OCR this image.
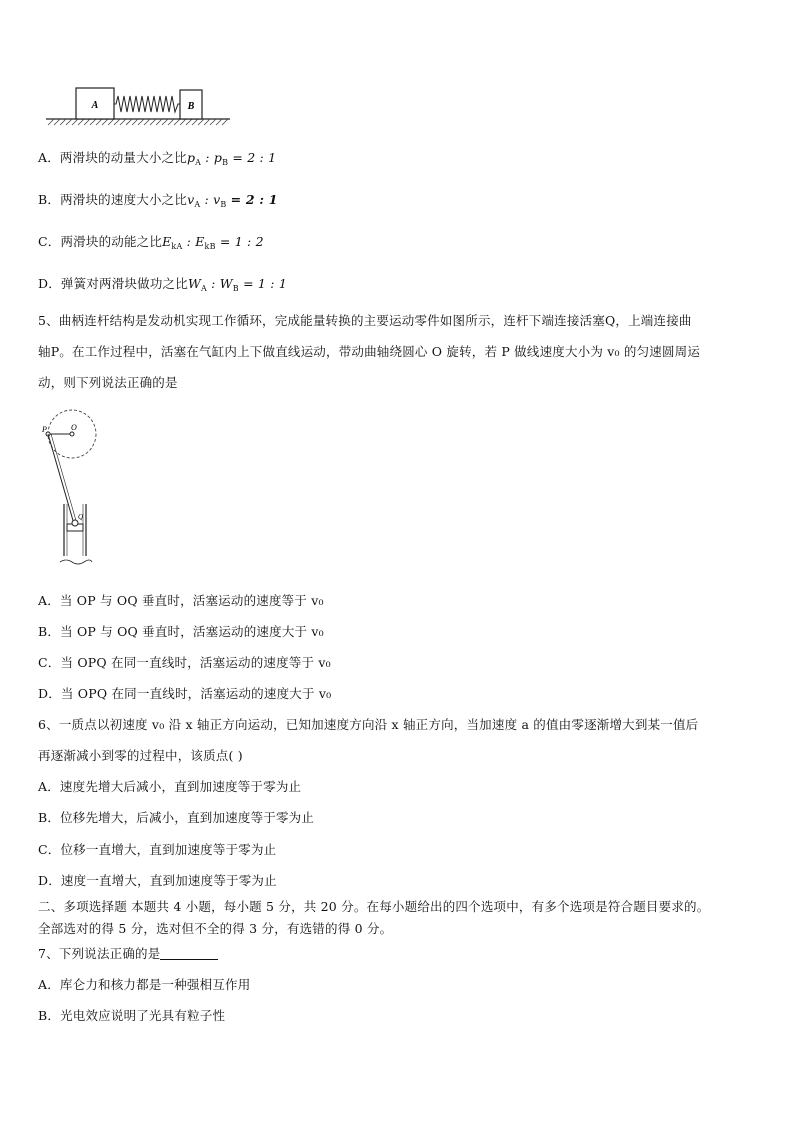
A	B
A．两滑块的动量大小之比$p_A$ : $p_B = 2$ : 1
B．两滑块的速度大小之比$v_A$ : $v_B = 2$ : 1
C．两滑块的动能之比$E_{kA}$ : $E_{kB} = 1$ : 2
D．弹簧对两滑块做功之比$W_A$ : $W_B = 1$ : 1
5、曲柄连杆结构是发动机实现工作循环，完成能量转换的主要运动零件如图所示，连杆下端连接活塞Q，上端连接曲
轴P。在工作过程中，活塞在气缸内上下做直线运动，带动曲轴绕圆心 O 旋转，若 P 做线速度大小为 v₀ 的匀速圆周运
动，则下列说法正确的是
P	O
Q
A．当 OP 与 OQ 垂直时，活塞运动的速度等于 v₀
B．当 OP 与 OQ 垂直时，活塞运动的速度大于 v₀
C．当 OPQ 在同一直线时，活塞运动的速度等于 v₀
D．当 OPQ 在同一直线时，活塞运动的速度大于 v₀
6、一质点以初速度 v₀ 沿 x 轴正方向运动，已知加速度方向沿 x 轴正方向，当加速度 a 的值由零逐渐增大到某一值后
再逐渐减小到零的过程中，该质点( )
A．速度先增大后减小，直到加速度等于零为止
B．位移先增大，后减小，直到加速度等于零为止
C．位移一直增大，直到加速度等于零为止
D．速度一直增大，直到加速度等于零为止
二、多项选择题 本题共 4 小题，每小题 5 分，共 20 分。在每小题给出的四个选项中，有多个选项是符合题目要求的。
全部选对的得 5 分，选对但不全的得 3 分，有选错的得 0 分。
7、下列说法正确的是
A．库仑力和核力都是一种强相互作用
B．光电效应说明了光具有粒子性
